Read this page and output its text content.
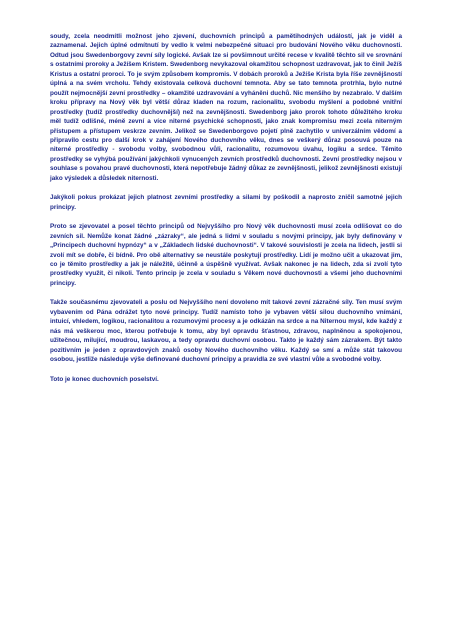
soudy, zcela neodmítli možnost jeho zjevení, duchovních principů a pamětihodných událostí, jak je viděl a zaznamenal. Jejich úplné odmítnutí by vedlo k velmi nebezpečné situaci pro budování Nového věku duchovnosti. Odtud jsou Swedenborgovy zevní síly logické. Avšak lze si povšimnout určité recese v kvalitě těchto sil ve srovnání s ostatními proroky a Ježíšem Kristem. Swedenborg nevykazoval okamžitou schopnost uzdravovat, jak to činil Ježíš Kristus a ostatní proroci. To je svým způsobem kompromis. V dobách proroků a Ježíše Krista byla říše zevnějšností úplná a na svém vrcholu. Tehdy existovala celková duchovní temnota. Aby se tato temnota protrhla, bylo nutné použít nejmocnější zevní prostředky – okamžité uzdravování a vyháněni duchů. Nic menšího by nezabralo. V dalším kroku přípravy na Nový věk byl větší důraz kladen na rozum, racionalitu, svobodu myšlení a podobné vnitřní prostředky (tudíž prostředky duchovnější) než na zevnějšnosti. Swedenborg jako prorok tohoto důležitého kroku měl tudíž odlišné, méně zevní a více niterné psychické schopnosti, jako znak kompromisu mezi zcela niterným přístupem a přístupem veskrze zevním. Jelikož se Swedenborgovo pojetí plně zachytilo v univerzálním vědomí a připravilo cestu pro další krok v zahájení Nového duchovního věku, dnes se veškerý důraz posouvá pouze na niterné prostředky - svobodu volby, svobodnou vůli, racionalitu, rozumovou úvahu, logiku a srdce. Těmito prostředky se vyhýbá používání jakýchkoli vynucených zevních prostředků duchovnosti. Zevní prostředky nejsou v souhlase s povahou pravé duchovnosti, která nepotřebuje žádný důkaz ze zevnějšnosti, jelikož zevnějšnosti existují jako výsledek a důsledek niternosti.

Jakýkoli pokus prokázat jejich platnost zevními prostředky a silami by poškodil a naprosto zničil samotné jejich principy.

Proto se zjevovatel a posel těchto principů od Nejvyššího pro Nový věk duchovnosti musí zcela odlišovat co do zevních sil. Nemůže konat žádné „zázraky“, ale jedná s lidmi v souladu s novými principy, jak byly definovány v „Principech duchovní hypnózy“ a v „Základech lidské duchovnosti“. V takové souvislosti je zcela na lidech, jestli si zvolí mít se dobře, či bídně. Pro obě alternativy se neustále poskytují prostředky. Lidí je možno učit a ukazovat jim, co je těmito prostředky a jak je náležitě, účinně a úspěšně využívat. Avšak nakonec je na lidech, zda si zvolí tyto prostředky využít, či nikoli. Tento princip je zcela v souladu s Věkem nové duchovnosti a všemi jeho duchovními principy.

Takže současnému zjevovateli a poslu od Nejvyššího není dovoleno mít takové zevní zázračné síly. Ten musí svým vybavením od Pána odrážet tyto nové principy. Tudíž namísto toho je vybaven větší silou duchovního vnímání, intuicí, vhledem, logikou, racionalitou a rozumovými procesy a je odkázán na srdce a na Niternou mysl, kde každý z nás má veškerou moc, kterou potřebuje k tomu, aby byl opravdu šťastnou, zdravou, naplněnou a spokojenou, užitečnou, milující, moudrou, laskavou, a tedy opravdu duchovní osobou. Takto je každý sám zázrakem. Být takto pozitivním je jeden z opravdových znaků osoby Nového duchovního věku. Každý se smí a může stát takovou osobou, jestliže následuje výše definované duchovní principy a pravidla ze své vlastní vůle a svobodné volby.

Toto je konec duchovních poselství.
